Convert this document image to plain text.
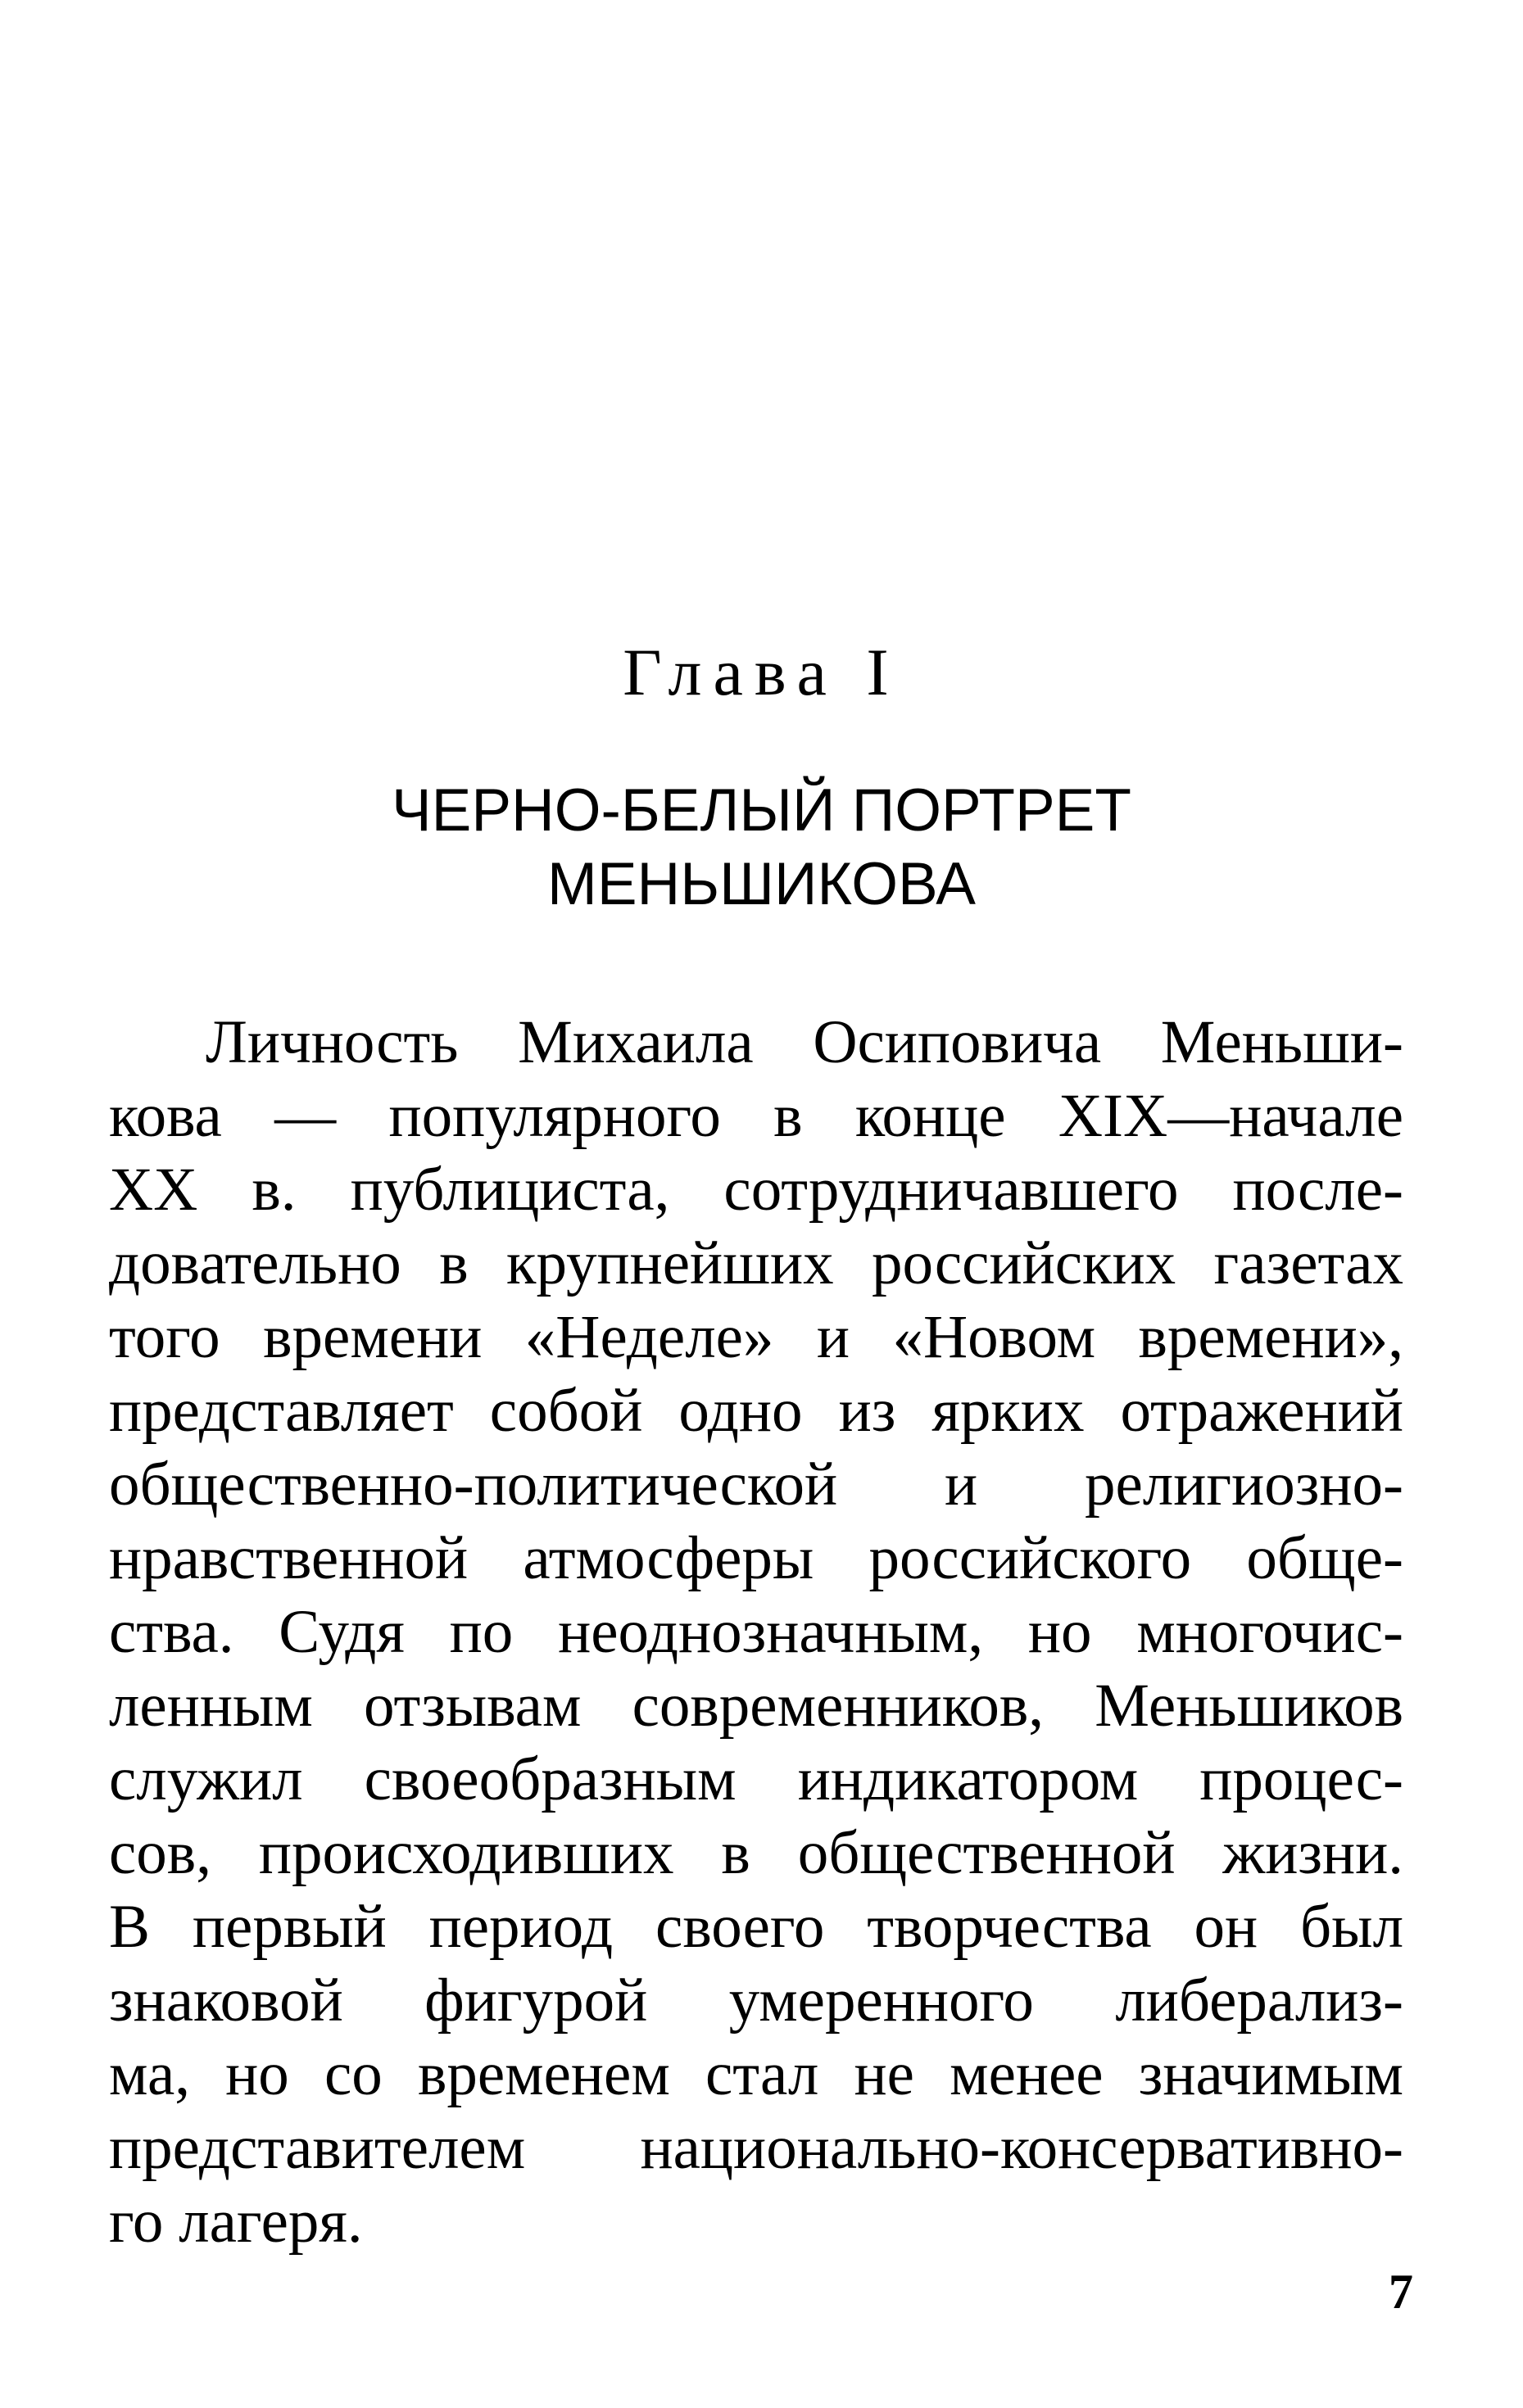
Глава I
ЧЕРНО-БЕЛЫЙ ПОРТРЕТ
МЕНЬШИКОВА
Личность Михаила Осиповича Меньши-
кова — популярного в конце XIX—начале
XX в. публициста, сотрудничавшего после-
довательно в крупнейших российских газетах
того времени «Неделе» и «Новом времени»,
представляет собой одно из ярких отражений
общественно-политической и религиозно-
нравственной атмосферы российского обще-
ства. Судя по неоднозначным, но многочис-
ленным отзывам современников, Меньшиков
служил своеобразным индикатором процес-
сов, происходивших в общественной жизни.
В первый период своего творчества он был
знаковой фигурой умеренного либерализ-
ма, но со временем стал не менее значимым
представителем национально-консервативно-
го лагеря.
7
